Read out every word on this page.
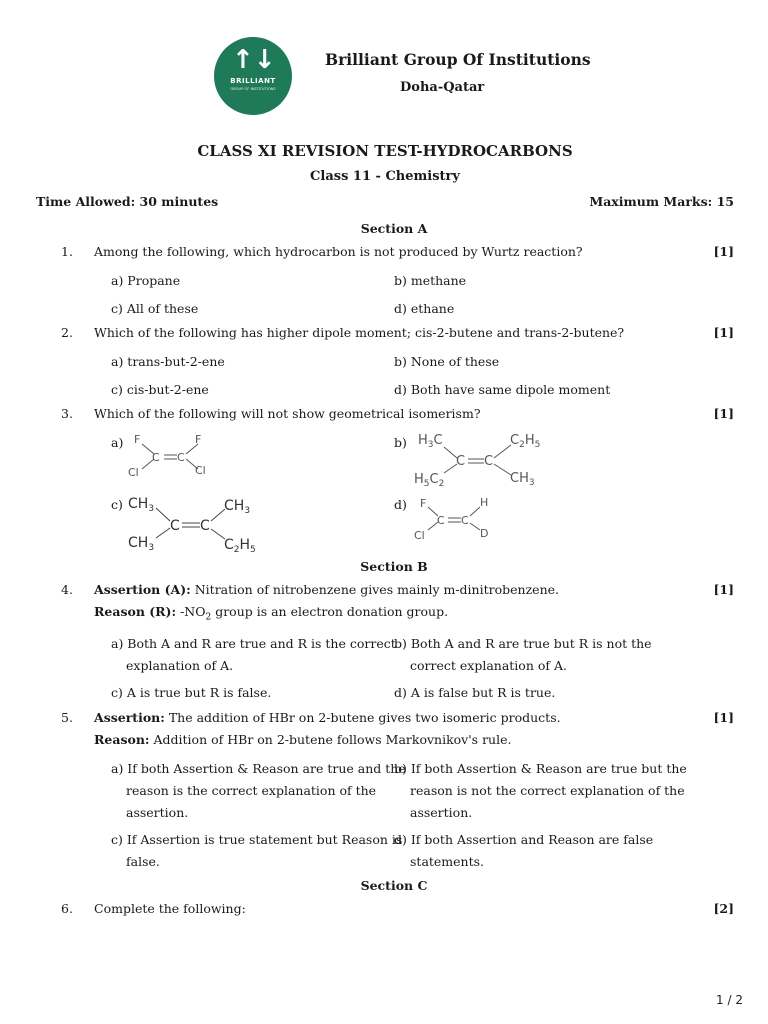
↑↓
BRILLIANT
GROUP OF INSTITUTIONS
Brilliant Group Of Institutions
Doha-Qatar
CLASS XI REVISION TEST-HYDROCARBONS
Class 11 - Chemistry
Time Allowed: 30 minutes	Maximum Marks: 15
Section A
1. Among the following, which hydrocarbon is not produced by Wurtz reaction?	[1]
a) Propane	b) methane
c) All of these	d) ethane
2. Which of the following has higher dipole moment; cis-2-butene and trans-2-butene?	[1]
a) trans-but-2-ene	b) None of these
c) cis-but-2-ene	d) Both have same dipole moment
3. Which of the following will not show geometrical isomerism?	[1]
a) F	F
Cl	Cl
C C
b) $H_3C$	$C_2H_5$
$H_5C_2$	$CH_3$
C C
c) $CH_3$	$CH_3$
$CH_3$	$C_2H_5$
C C
d) F	H
Cl	D
C C
Section B
4. Assertion (A): Nitration of nitrobenzene gives mainly m-dinitrobenzene.	[1]
Reason (R): $-NO_2$ group is an electron donation group.
a) Both A and R are true and R is the correct
explanation of A.
b) Both A and R are true but R is not the
correct explanation of A.
c) A is true but R is false.	d) A is false but R is true.
5. Assertion: The addition of HBr on 2-butene gives two isomeric products.	[1]
Reason: Addition of HBr on 2-butene follows Markovnikov's rule.
a) If both Assertion & Reason are true and the
reason is the correct explanation of the
assertion.
b) If both Assertion & Reason are true but the
reason is not the correct explanation of the
assertion.
c) If Assertion is true statement but Reason is
false.
d) If both Assertion and Reason are false
statements.
Section C
6. Complete the following:	[2]
1 / 2
